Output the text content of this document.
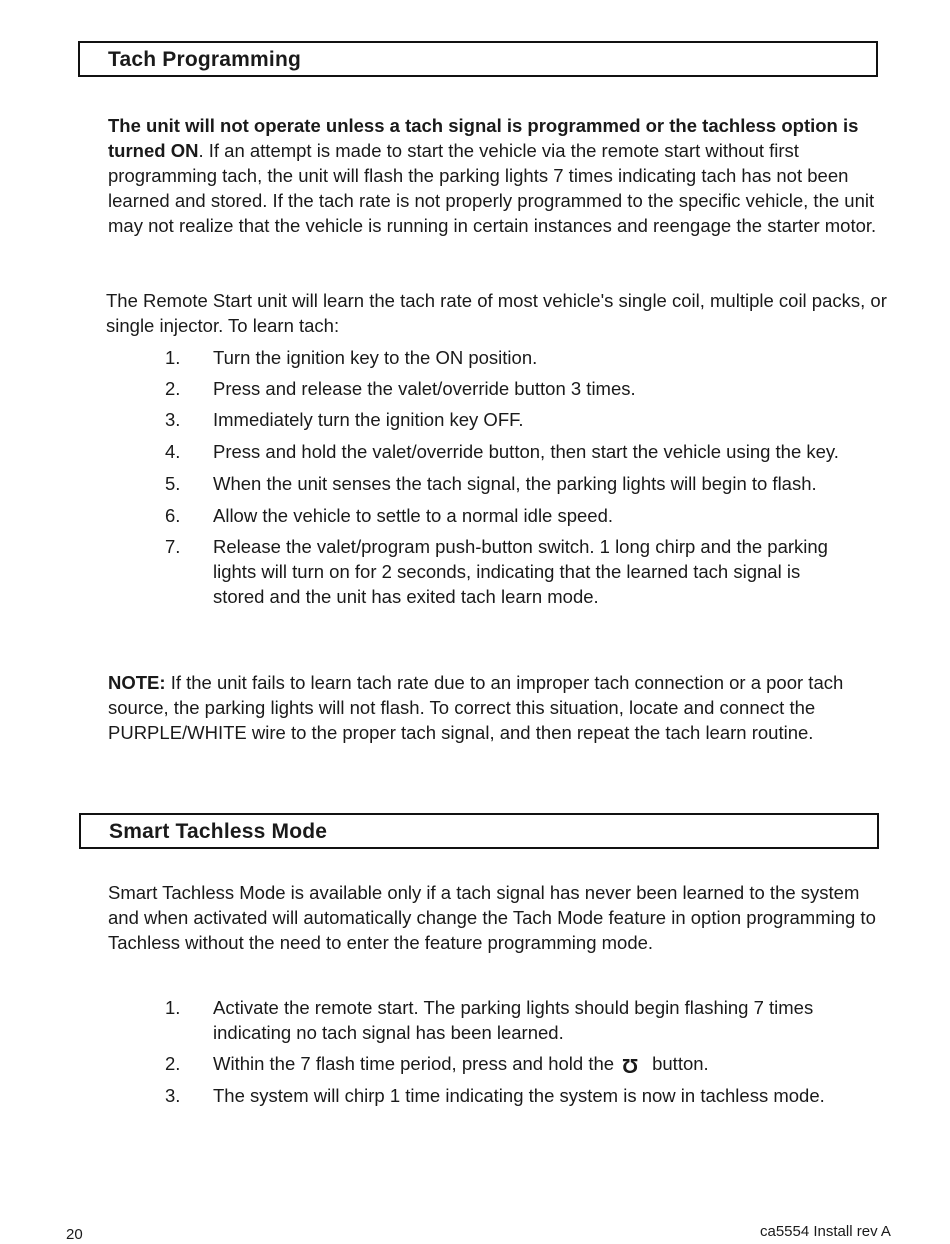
Tach Programming

The unit will not operate unless a tach signal is programmed or the tachless option is turned ON. If an attempt is made to start the vehicle via the remote start without first programming tach, the unit will flash the parking lights 7 times indicating tach has not been learned and stored. If the tach rate is not properly programmed to the specific vehicle, the unit may not realize that the vehicle is running in certain instances and reengage the starter motor.

The Remote Start unit will learn the tach rate of most vehicle's single coil, multiple coil packs, or single injector. To learn tach:

1. Turn the ignition key to the ON position.
2. Press and release the valet/override button 3 times.
3. Immediately turn the ignition key OFF.
4. Press and hold the valet/override button, then start the vehicle using the key.
5. When the unit senses the tach signal, the parking lights will begin to flash.
6. Allow the vehicle to settle to a normal idle speed.
7. Release the valet/program push-button switch. 1 long chirp and the parking lights will turn on for 2 seconds, indicating that the learned tach signal is stored and the unit has exited tach learn mode.

NOTE: If the unit fails to learn tach rate due to an improper tach connection or a poor tach source, the parking lights will not flash. To correct this situation, locate and connect the PURPLE/WHITE wire to the proper tach signal, and then repeat the tach learn routine.

Smart Tachless Mode

Smart Tachless Mode is available only if a tach signal has never been learned to the system and when activated will automatically change the Tach Mode feature in option programming to Tachless without the need to enter the feature programming mode.

1. Activate the remote start. The parking lights should begin flashing 7 times indicating no tach signal has been learned.
2. Within the 7 flash time period, press and hold the Ω button.
3. The system will chirp 1 time indicating the system is now in tachless mode.
20	ca5554 Install rev A
